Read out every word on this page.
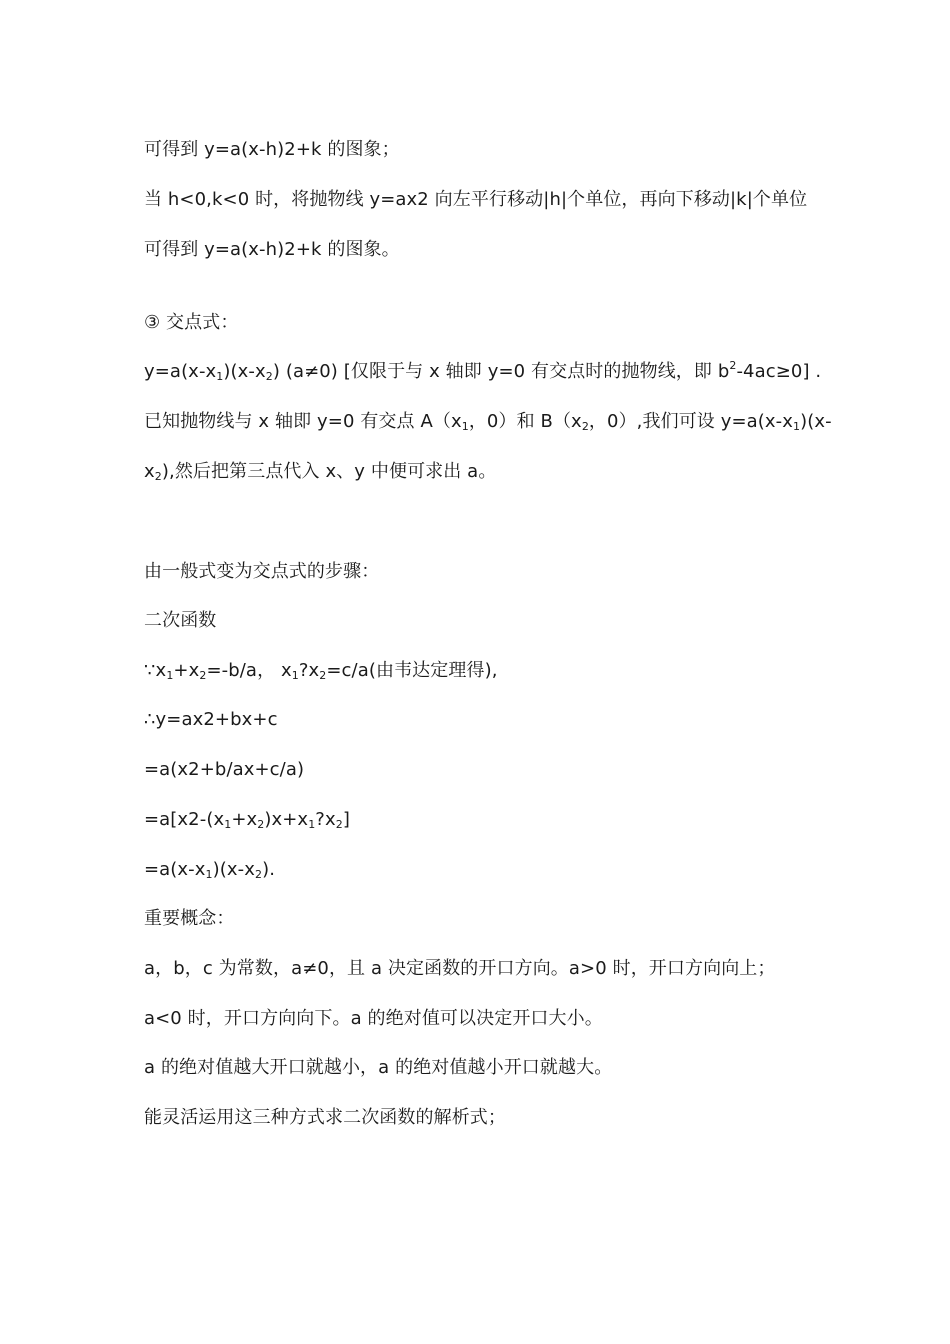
可得到 y=a(x-h)2+k 的图象；
当 h<0,k<0 时，将抛物线 y=ax2 向左平行移动|h|个单位，再向下移动|k|个单位
可得到 y=a(x-h)2+k 的图象。
③ 交点式：
$y=a(x-x_1)(x-x_2)$ (a≠0) [仅限于与 x 轴即 y=0 有交点时的抛物线，即 $b^2-4ac\ge 0$] .
已知抛物线与 x 轴即 y=0 有交点 $A(x_1$，0）和 $B(x_2$，0）,我们可设 $y=a(x-x_1)(x-$
$x_2$),然后把第三点代入 x、y 中便可求出 a。
由一般式变为交点式的步骤：
二次函数
$\because x_1+x_2=-b/a$， $x_1?x_2=c/a$(由韦达定理得),
∴y=ax2+bx+c
=a(x2+b/ax+c/a)
$=a[x2-(x_1+x_2)x+x_1?x_2]$
$=a(x-x_1)(x-x_2)$.
重要概念：
a，b，c 为常数，a≠0，且 a 决定函数的开口方向。a>0 时，开口方向向上；
a<0 时，开口方向向下。a 的绝对值可以决定开口大小。
a 的绝对值越大开口就越小，a 的绝对值越小开口就越大。
能灵活运用这三种方式求二次函数的解析式；
